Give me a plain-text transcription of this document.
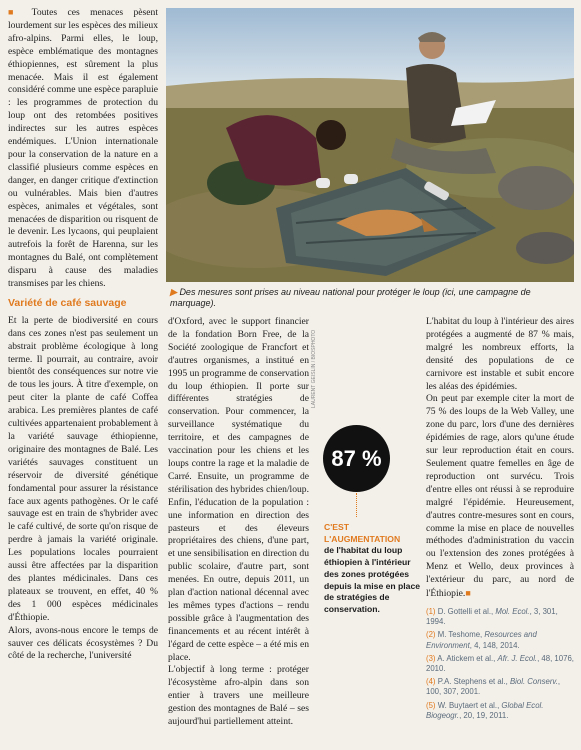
■ Toutes ces menaces pèsent lourdement sur les espèces des milieux afro-alpins. Parmi elles, le loup, espèce emblématique des montagnes éthiopiennes, est sûrement la plus menacée. Mais il est également considéré comme une espèce parapluie : les programmes de protection du loup ont des retombées positives indirectes sur les autres espèces endémiques. L'Union internationale pour la conservation de la nature en a classifié plusieurs comme espèces en danger, en danger critique d'extinction ou vulnérables. Mais bien d'autres espèces, animales et végétales, sont menacées de disparition ou risquent de le devenir. Les lycaons, qui peuplaient autrefois la forêt de Harenna, sur les montagnes du Balé, ont complètement disparu à cause des maladies transmises par les chiens.

Variété de café sauvage

Et la perte de biodiversité en cours dans ces zones n'est pas seulement un abstrait problème écologique à long terme. Il pourrait, au contraire, avoir bientôt des conséquences sur notre vie de tous les jours. À titre d'exemple, on peut citer la plante de café Coffea arabica. Les premières plantes de café cultivées appartenaient probablement à la variété sauvage éthiopienne, originaire des montagnes de Balé. Les variétés sauvages constituent un réservoir de diversité génétique fondamental pour assurer la résistance face aux agents pathogènes. Or le café sauvage est en train de s'hybrider avec le café cultivé, de sorte qu'on risque de perdre à jamais la variété originale. Les populations locales pourraient aussi être affectées par la disparition des plantes médicinales. Dans ces plateaux se trouvent, en effet, 40 % des 1 000 espèces médicinales d'Éthiopie.

Alors, avons-nous encore le temps de sauver ces délicats écosystèmes ? Du côté de la recherche, l'université

▶ Des mesures sont prises au niveau national pour protéger le loup (ici, une campagne de marquage).
LAURENT GEISLIN / BIOSPHOTO

d'Oxford, avec le support financier de la fondation Born Free, de la Société zoologique de Francfort et d'autres organismes, a institué en 1995 un programme de conservation du loup éthiopien. Il porte sur différentes stratégies de conservation. Pour commencer, la surveillance systématique du territoire, et des campagnes de vaccination pour les chiens et les loups contre la rage et la maladie de Carré. Ensuite, un programme de stérilisation des hybrides chien/loup. Enfin, l'éducation de la population : une information en direction des pasteurs et des éleveurs propriétaires des chiens, d'une part, et une sensibilisation en direction du public scolaire, d'autre part, sont menées. En outre, depuis 2011, un plan d'action national décennal avec les mêmes types d'actions – rendu possible grâce à l'augmentation des financements et au récent intérêt à l'égard de cette espèce – a été mis en place.

L'objectif à long terme : protéger l'écosystème afro-alpin dans son entier à travers une meilleure gestion des montagnes de Balé – ses aujourd'hui partiellement atteint.

87 %
C'EST L'AUGMENTATION
de l'habitat du loup éthiopien à l'intérieur des zones protégées depuis la mise en place de stratégies de conservation.

L'habitat du loup à l'intérieur des aires protégées a augmenté de 87 % mais, malgré les nombreux efforts, la densité des populations de ce carnivore est instable et subit encore les aléas des épidémies.

On peut par exemple citer la mort de 75 % des loups de la Web Valley, une zone du parc, lors d'une des dernières épidémies de rage, alors qu'une étude sur leur reproduction était en cours. Seulement quatre femelles en âge de reproduction ont survécu. Trois d'entre elles ont réussi à se reproduire malgré l'épidémie. Heureusement, d'autres contre-mesures sont en cours, comme la mise en place de nouvelles méthodes d'administration du vaccin ou l'extension des zones protégées à Menz et Wello, deux provinces à l'extérieur du parc, au nord de l'Éthiopie.■

(1) D. Gottelli et al., Mol. Ecol., 3, 301, 1994.
(2) M. Teshome, Resources and Environment, 4, 148, 2014.
(3) A. Atickem et al., Afr. J. Ecol., 48, 1076, 2010.
(4) P.A. Stephens et al., Biol. Conserv., 100, 307, 2001.
(5) W. Buytaert et al., Global Ecol. Biogeogr., 20, 19, 2011.
